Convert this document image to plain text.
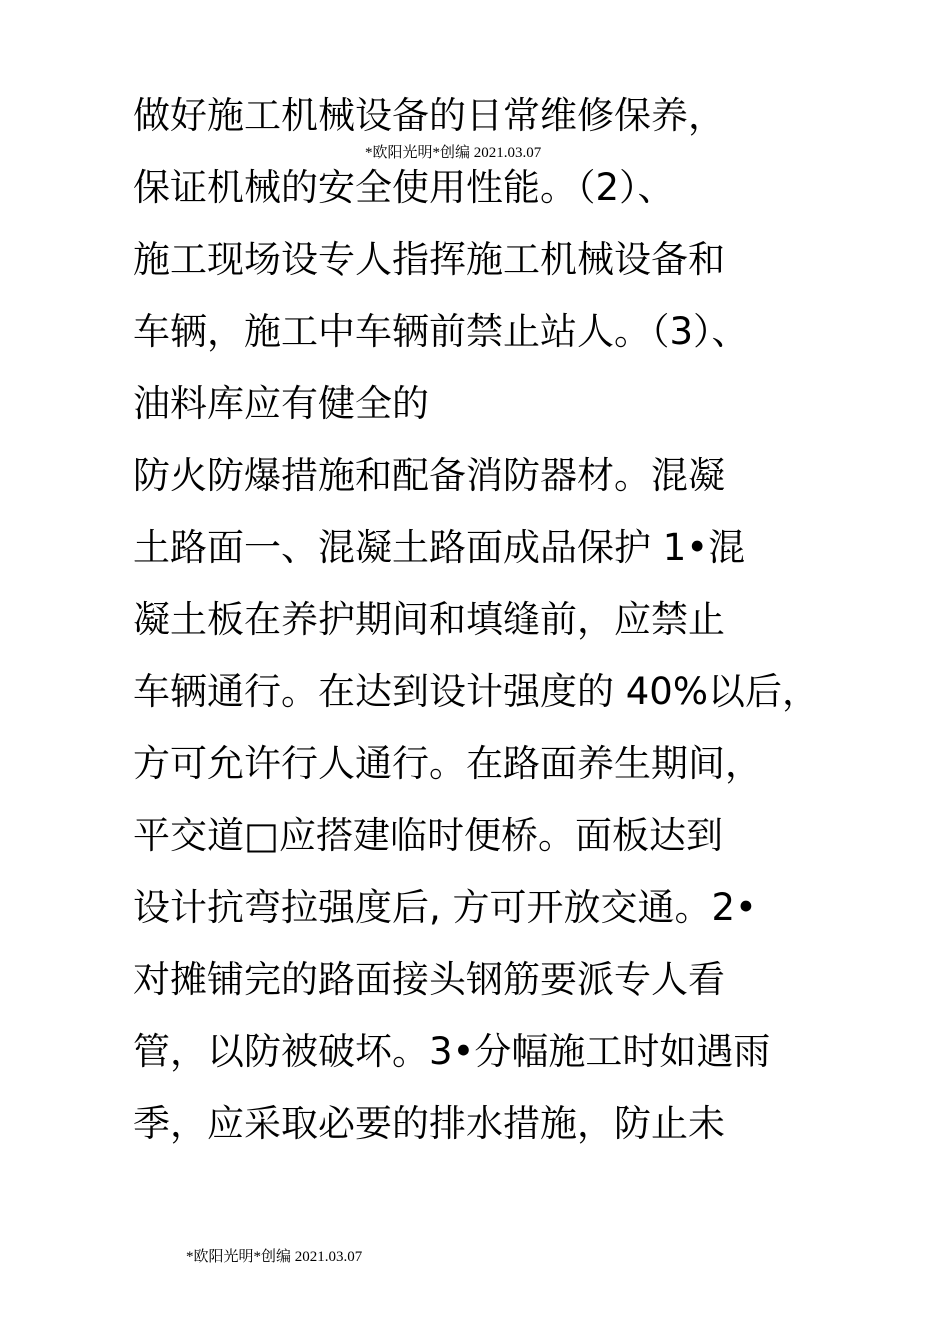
*欧阳光明*创编 2021.03.07
做好施工机械设备的日常维修保养，
保证机械的安全使用性能。（2）、
施工现场设专人指挥施工机械设备和
车辆，施工中车辆前禁止站人。（3）、
油料库应有健全的
防火防爆措施和配备消防器材。混凝
土路面一、混凝土路面成品保护 1•混
凝土板在养护期间和填缝前，应禁止
车辆通行。在达到设计强度的 40%以后，
方可允许行人通行。在路面养生期间，
平交道□应搭建临时便桥。面板达到
设计抗弯拉强度后, 方可开放交通。2•
对摊铺完的路面接头钢筋要派专人看
管，以防被破坏。3•分幅施工时如遇雨
季，应采取必要的排水措施，防止未
*欧阳光明*创编 2021.03.07
